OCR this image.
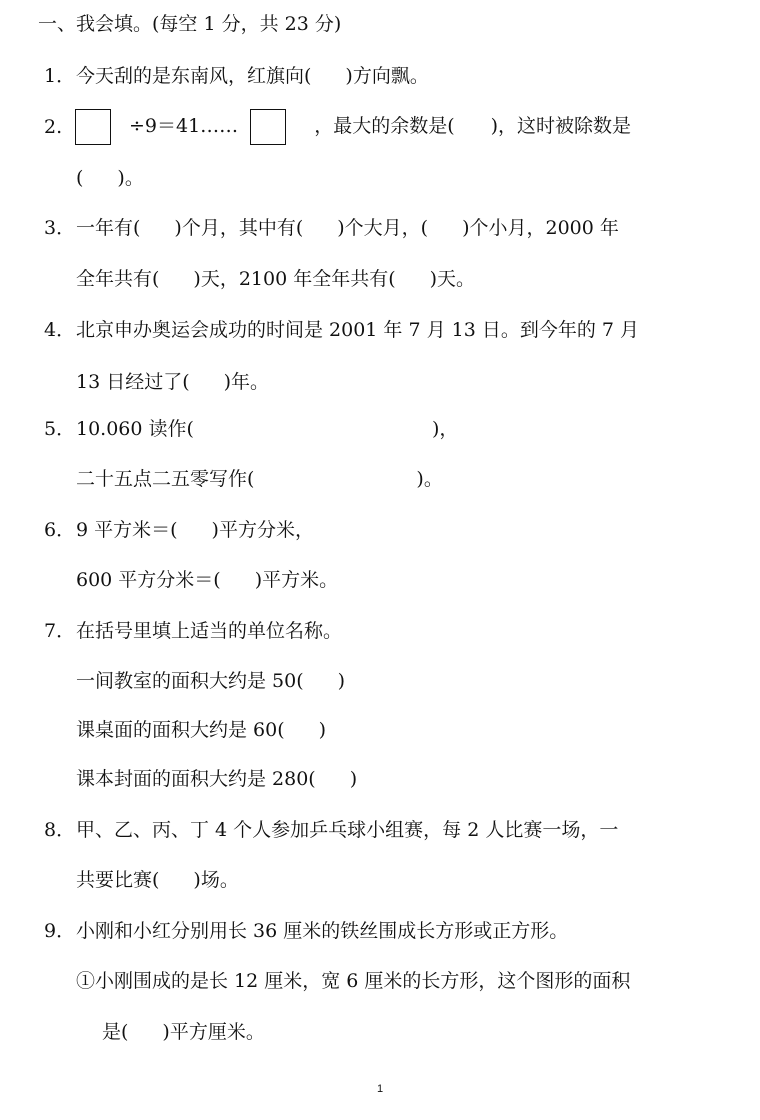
一、我会填。(每空 1 分，共 23 分)
1． 今天刮的是东南风，红旗向( )方向飘。
2.	÷9＝41……	，最大的余数是( )，这时被除数是
( )。
3． 一年有( )个月，其中有( )个大月，( )个小月，2000 年
全年共有( )天，2100 年全年共有( )天。
4． 北京申办奥运会成功的时间是 2001 年 7 月 13 日。到今年的 7 月
13 日经过了( )年。
5． 10.060 读作(	)，
二十五点二五零写作(	)。
6． 9 平方米＝( )平方分米，
600 平方分米＝( )平方米。
7． 在括号里填上适当的单位名称。
一间教室的面积大约是 50( )
课桌面的面积大约是 60( )
课本封面的面积大约是 280( )
8． 甲、乙、丙、丁 4 个人参加乒乓球小组赛，每 2 人比赛一场，一
共要比赛( )场。
9． 小刚和小红分别用长 36 厘米的铁丝围成长方形或正方形。
①小刚围成的是长 12 厘米，宽 6 厘米的长方形，这个图形的面积
是( )平方厘米。
1
